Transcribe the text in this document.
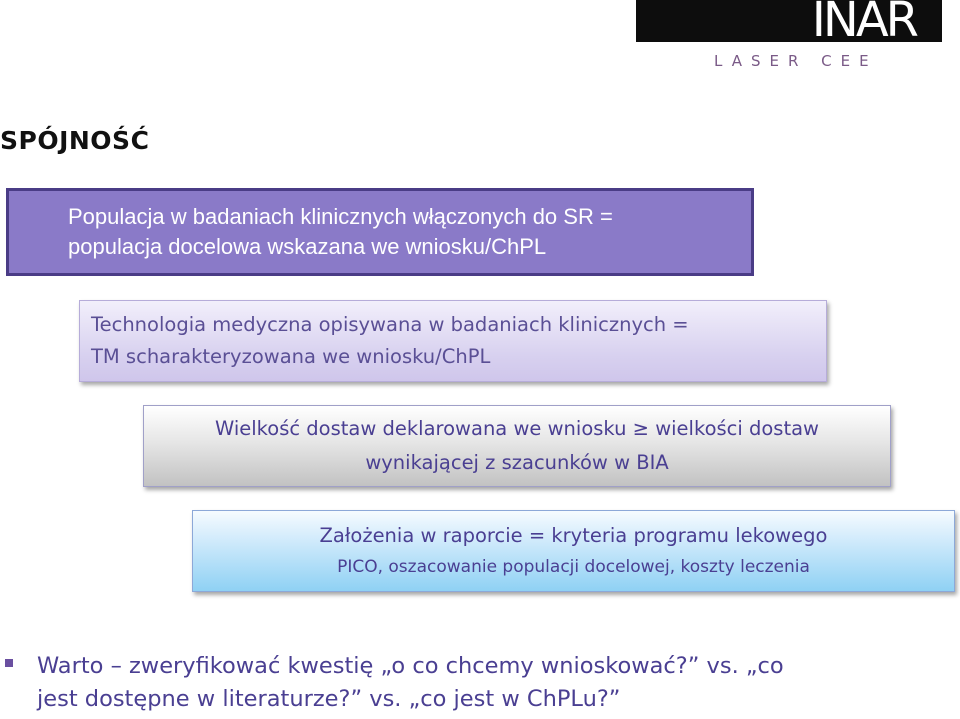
INAR
LASER CEE
SPÓJNOŚĆ
Populacja w badaniach klinicznych włączonych do SR =
populacja docelowa wskazana we wniosku/ChPL
Technologia medyczna opisywana w badaniach klinicznych =
TM scharakteryzowana we wniosku/ChPL
Wielkość dostaw deklarowana we wniosku ≥ wielkości dostaw
wynikającej z szacunków w BIA
Założenia w raporcie = kryteria programu lekowego
PICO, oszacowanie populacji docelowej, koszty leczenia
Warto – zweryfikować kwestię „o co chcemy wnioskować?” vs. „co
jest dostępne w literaturze?” vs. „co jest w ChPLu?”
